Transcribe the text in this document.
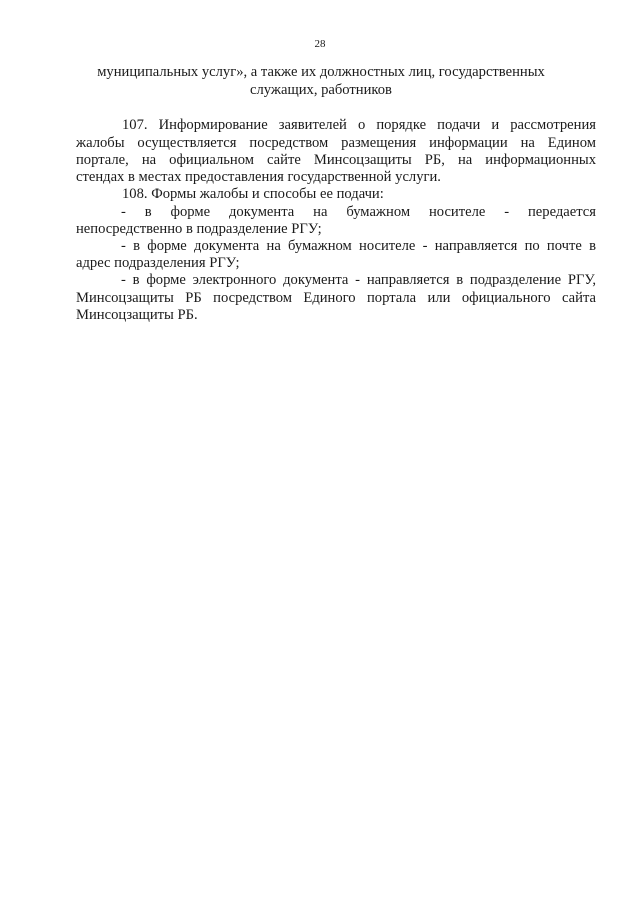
28
муниципальных услуг», а также их должностных лиц, государственных
служащих, работников
107. Информирование заявителей о порядке подачи и рассмотрения
жалобы осуществляется посредством размещения информации на Едином
портале, на официальном сайте Минсоцзащиты РБ, на информационных
стендах в местах предоставления государственной услуги.
108. Формы жалобы и способы ее подачи:
- в форме документа на бумажном носителе - передается
непосредственно в подразделение РГУ;
- в форме документа на бумажном носителе - направляется по почте в
адрес подразделения РГУ;
- в форме электронного документа - направляется в подразделение РГУ,
Минсоцзащиты РБ посредством Единого портала или официального сайта
Минсоцзащиты РБ.
